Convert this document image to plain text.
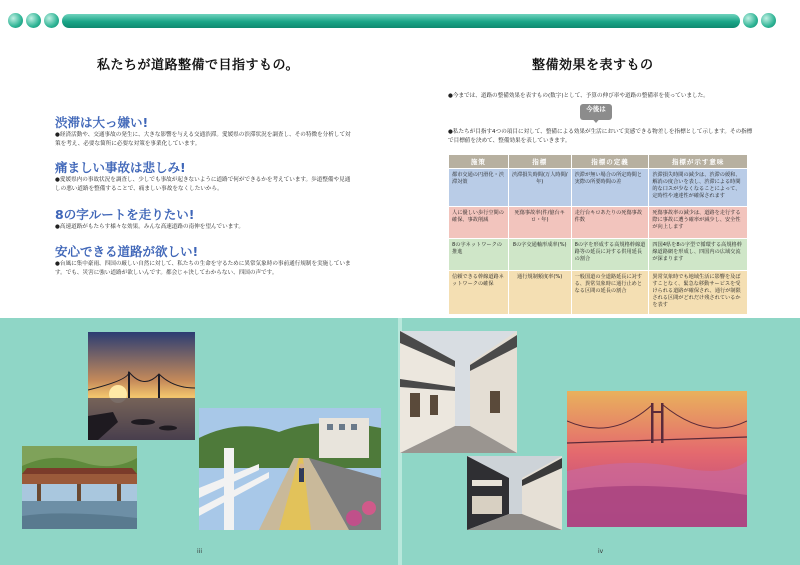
私たちが道路整備で目指すもの。
渋滞は大っ嫌い!
●経済活動や、交通事故の発生に、大きな影響を与える交通渋滞。愛媛県の渋滞状況を調査し、その特徴を分析して対策を考え、必要な箇所に必要な対策を事業化しています。
痛ましい事故は悲しみ!
●愛媛県内の事故状況を調査し、少しでも事故が起きないように道路で何ができるかを考えています。歩道整備や見通しの悪い道路を整備することで、痛ましい事故をなくしたいから。
8の字ルートを走りたい!
●高速道路がもたらす様々な効果。みんな高速道路の南伸を望んでいます。
安心できる道路が欲しい!
●台風に集中豪雨、四国の厳しい自然に対して、私たちの生命を守るために異常気象時の事前通行規制を実施しています。でも、災害に強い道路が欲しいんです。都会じゃ決してわからない、四国の声です。
整備効果を表すもの
●今までは、道路の整備効果を表すもの(数字)として、予算の伸び率や道路の整備率を使っていました。
今後は
●私たちが目指す4つの項目に対して、整備による効果が生活において実感できる物差しを指標として示します。その指標で目標値を決めて、整備効果を表していきます。
施策	指標	指標の定義	指標が示す意味
都市交通の円滑化・渋滞対策	渋滞損失時間(万人時間/年)	渋滞が無い場合の所定時間と実際の所要時間の差	渋滞損失時間の減少は、渋滞の緩和、解消の度合いを表し、渋滞による時間的な口スが少なくなることによって、定時性や速達性が確保されます
人に優しい歩行空間の確保、事故削減	死傷事故率(件/億台キロ・年)	走行台キロあたりの死傷事故件数	死傷事故率の減少は、道路を走行する際に事故に遭う確率が減少し、安全性が向上します
8の字ネットワークの推進	8の字交通軸形成率(%)	8の字を形成する高規格幹線道路等の延長に対する供用延長の割合	四国4県を8の字型で循環する高規格幹線道路網を形成し、四国内の広域交流が深まります
信頼できる幹線道路ネットワークの確保	通行規制頻度率(%)	一般国道の全道路延長に対する、異常気象時に通行止めとなる区間の延長の割合	異常気象時でも地域生活に影響を及ぼすことなく、緊急な移動サービスを受けられる道路が確保され、通行が制限される区間がどれだけ残されているかを表す
iii	iv
